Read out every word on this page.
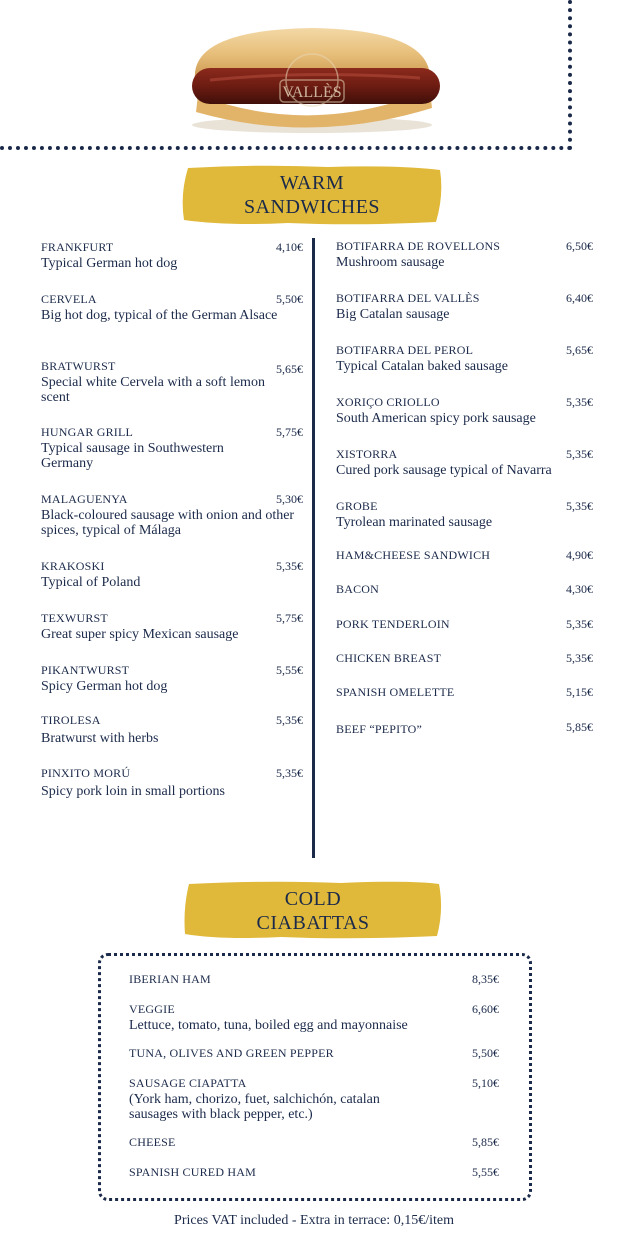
VALLÈS
WARM
SANDWICHES
FRANKFURT	4,10€
Typical German hot dog
CERVELA	5,50€
Big hot dog, typical of the German Alsace
BRATWURST	5,65€
Special white Cervela with a soft lemon scent
HUNGAR GRILL	5,75€
Typical sausage in Southwestern Germany
MALAGUENYA	5,30€
Black-coloured sausage with onion and other spices, typical of Málaga
KRAKOSKI	5,35€
Typical of Poland
TEXWURST	5,75€
Great super spicy Mexican sausage
PIKANTWURST	5,55€
Spicy German hot dog
TIROLESA	5,35€
Bratwurst with herbs
PINXITO MORÚ	5,35€
Spicy pork loin in small portions
BOTIFARRA DE ROVELLONS	6,50€
Mushroom sausage
BOTIFARRA DEL VALLÈS	6,40€
Big Catalan sausage
BOTIFARRA DEL PEROL	5,65€
Typical Catalan baked sausage
XORIÇO CRIOLLO	5,35€
South American spicy pork sausage
XISTORRA	5,35€
Cured pork sausage typical of Navarra
GROBE	5,35€
Tyrolean marinated sausage
HAM&CHEESE SANDWICH	4,90€
BACON	4,30€
PORK TENDERLOIN	5,35€
CHICKEN BREAST	5,35€
SPANISH OMELETTE	5,15€
BEEF “PEPITO”	5,85€
COLD
CIABATTAS
IBERIAN HAM	8,35€
VEGGIE	6,60€
Lettuce, tomato, tuna, boiled egg and mayonnaise
TUNA, OLIVES AND GREEN PEPPER	5,50€
SAUSAGE CIAPATTA	5,10€
(York ham, chorizo, fuet, salchichón, catalan sausages with black pepper, etc.)
CHEESE	5,85€
SPANISH CURED HAM	5,55€
Prices VAT included - Extra in terrace: 0,15€/item
